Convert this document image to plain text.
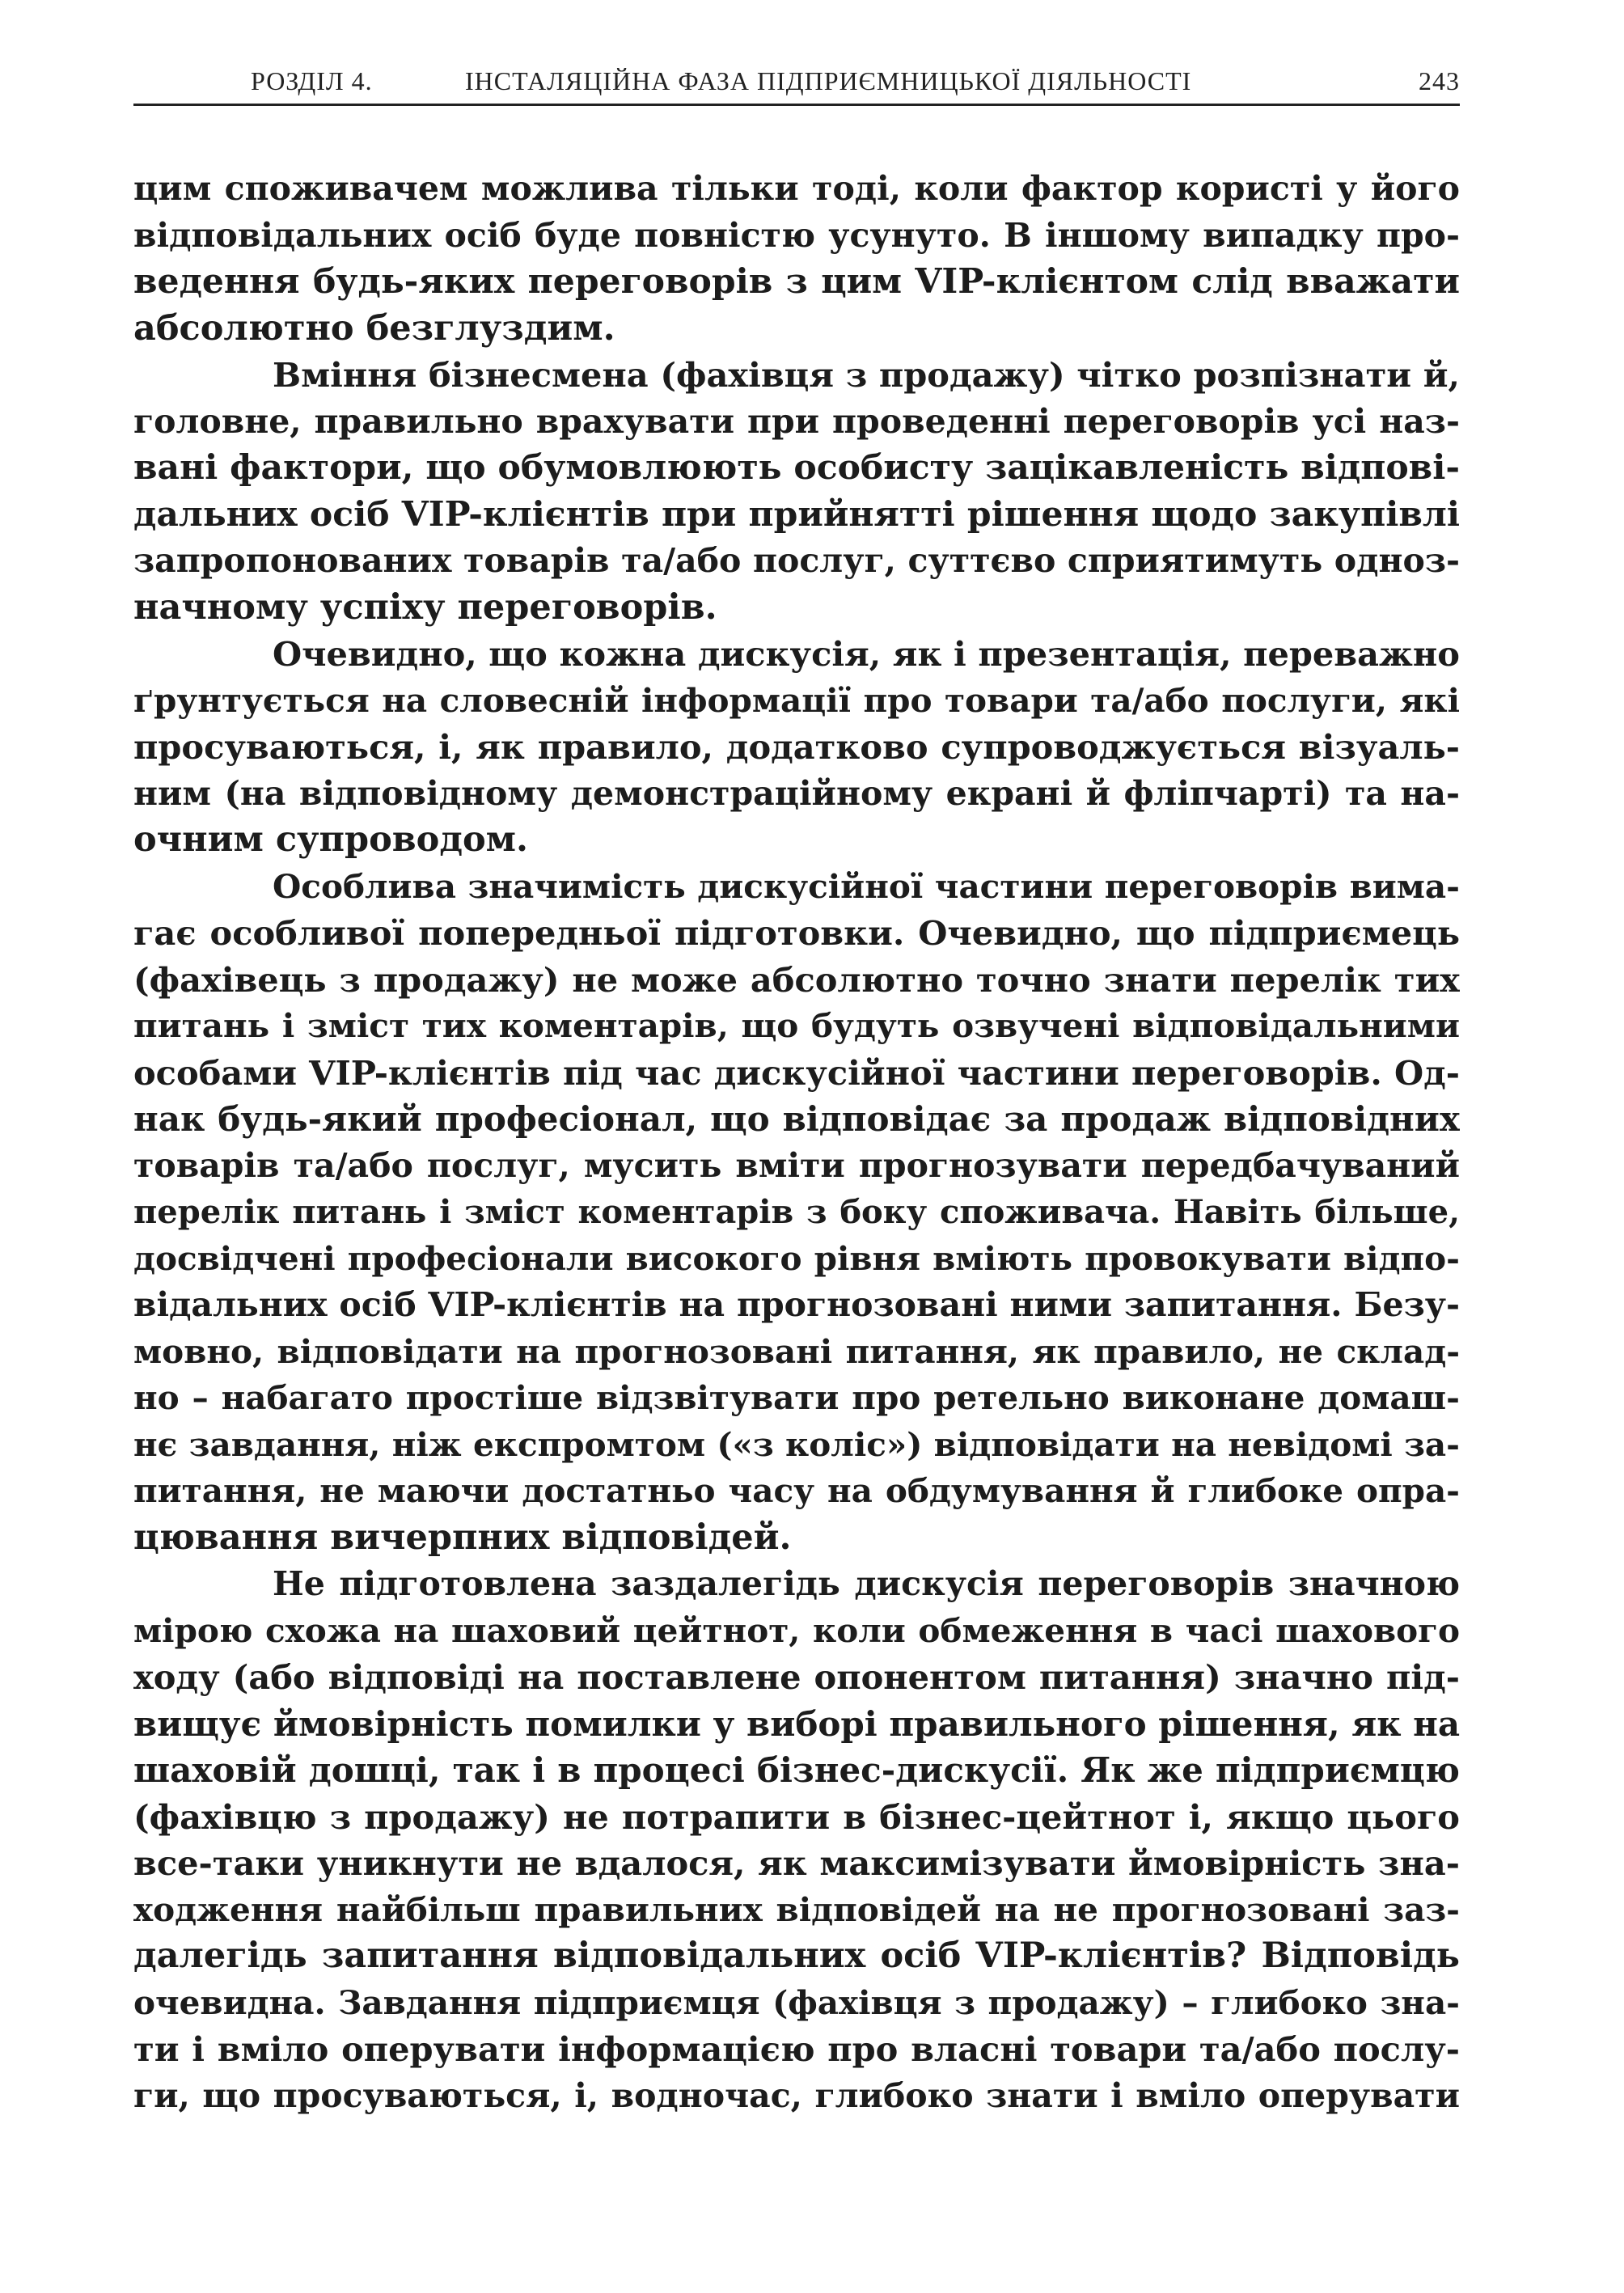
РОЗДІЛ 4.	ІНСТАЛЯЦІЙНА ФАЗА ПІДПРИЄМНИЦЬКОЇ ДІЯЛЬНОСТІ	243
цим споживачем можлива тільки тоді, коли фактор користі у його
відповідальних осіб буде повністю усунуто. В іншому випадку про-
ведення будь-яких переговорів з цим VIP-клієнтом слід вважати
абсолютно безглуздим.
Вміння бізнесмена (фахівця з продажу) чітко розпізнати й,
головне, правильно врахувати при проведенні переговорів усі наз-
вані фактори, що обумовлюють особисту зацікавленість відпові-
дальних осіб VIP-клієнтів при прийнятті рішення щодо закупівлі
запропонованих товарів та/або послуг, суттєво сприятимуть одноз-
начному успіху переговорів.
Очевидно, що кожна дискусія, як і презентація, переважно
ґрунтується на словесній інформації про товари та/або послуги, які
просуваються, і, як правило, додатково супроводжується візуаль-
ним (на відповідному демонстраційному екрані й фліпчарті) та на-
очним супроводом.
Особлива значимість дискусійної частини переговорів вима-
гає особливої попередньої підготовки. Очевидно, що підприємець
(фахівець з продажу) не може абсолютно точно знати перелік тих
питань і зміст тих коментарів, що будуть озвучені відповідальними
особами VIP-клієнтів під час дискусійної частини переговорів. Од-
нак будь-який професіонал, що відповідає за продаж відповідних
товарів та/або послуг, мусить вміти прогнозувати передбачуваний
перелік питань і зміст коментарів з боку споживача. Навіть більше,
досвідчені професіонали високого рівня вміють провокувати відпо-
відальних осіб VIP-клієнтів на прогнозовані ними запитання. Безу-
мовно, відповідати на прогнозовані питання, як правило, не склад-
но – набагато простіше відзвітувати про ретельно виконане домаш-
нє завдання, ніж експромтом («з коліс») відповідати на невідомі за-
питання, не маючи достатньо часу на обдумування й глибоке опра-
цювання вичерпних відповідей.
Не підготовлена заздалегідь дискусія переговорів значною
мірою схожа на шаховий цейтнот, коли обмеження в часі шахового
ходу (або відповіді на поставлене опонентом питання) значно під-
вищує ймовірність помилки у виборі правильного рішення, як на
шаховій дошці, так і в процесі бізнес-дискусії. Як же підприємцю
(фахівцю з продажу) не потрапити в бізнес-цейтнот і, якщо цього
все-таки уникнути не вдалося, як максимізувати ймовірність зна-
ходження найбільш правильних відповідей на не прогнозовані заз-
далегідь запитання відповідальних осіб VIP-клієнтів? Відповідь
очевидна. Завдання підприємця (фахівця з продажу) – глибоко зна-
ти і вміло оперувати інформацією про власні товари та/або послу-
ги, що просуваються, і, водночас, глибоко знати і вміло оперувати
